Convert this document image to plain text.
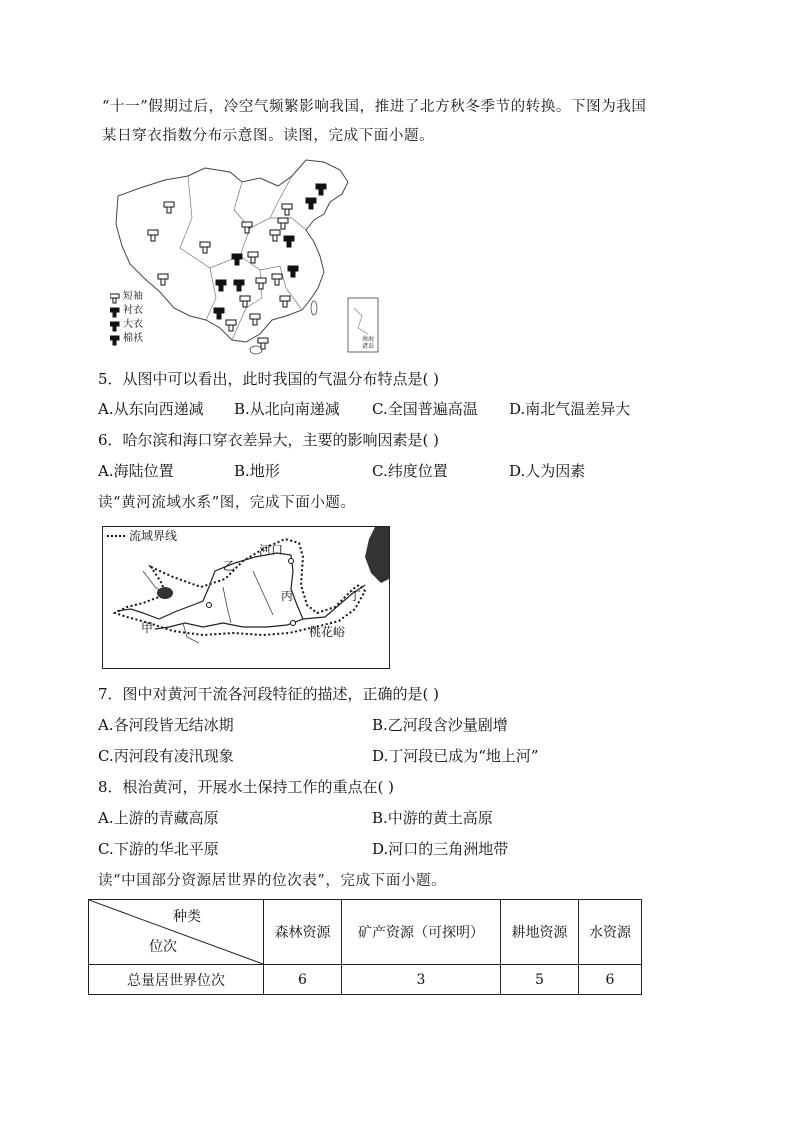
“十一”假期过后，冷空气频繁影响我国，推进了北方秋冬季节的转换。下图为我国
某日穿衣指数分布示意图。读图，完成下面小题。
短袖
衬衣
大衣
棉袄	南海诸岛
5．从图中可以看出，此时我国的气温分布特点是( )
A.从东向西递减 B.从北向南递减 C.全国普遍高温 D.南北气温差异大
6．哈尔滨和海口穿衣差异大，主要的影响因素是( )
A.海陆位置	B.地形	C.纬度位置	D.人为因素
读“黄河流域水系”图，完成下面小题。
流域界线
河口
乙
丙	丁
甲	桃花峪
7．图中对黄河干流各河段特征的描述，正确的是( )
A.各河段皆无结冰期	B.乙河段含沙量剧增
C.丙河段有凌汛现象	D.丁河段已成为“地上河”
8．根治黄河，开展水土保持工作的重点在( )
A.上游的青藏高原	B.中游的黄土高原
C.下游的华北平原	D.河口的三角洲地带
读“中国部分资源居世界的位次表”，完成下面小题。
种类
位次	森林资源	矿产资源（可探明）	耕地资源	水资源
总量居世界位次	6	3	5	6
